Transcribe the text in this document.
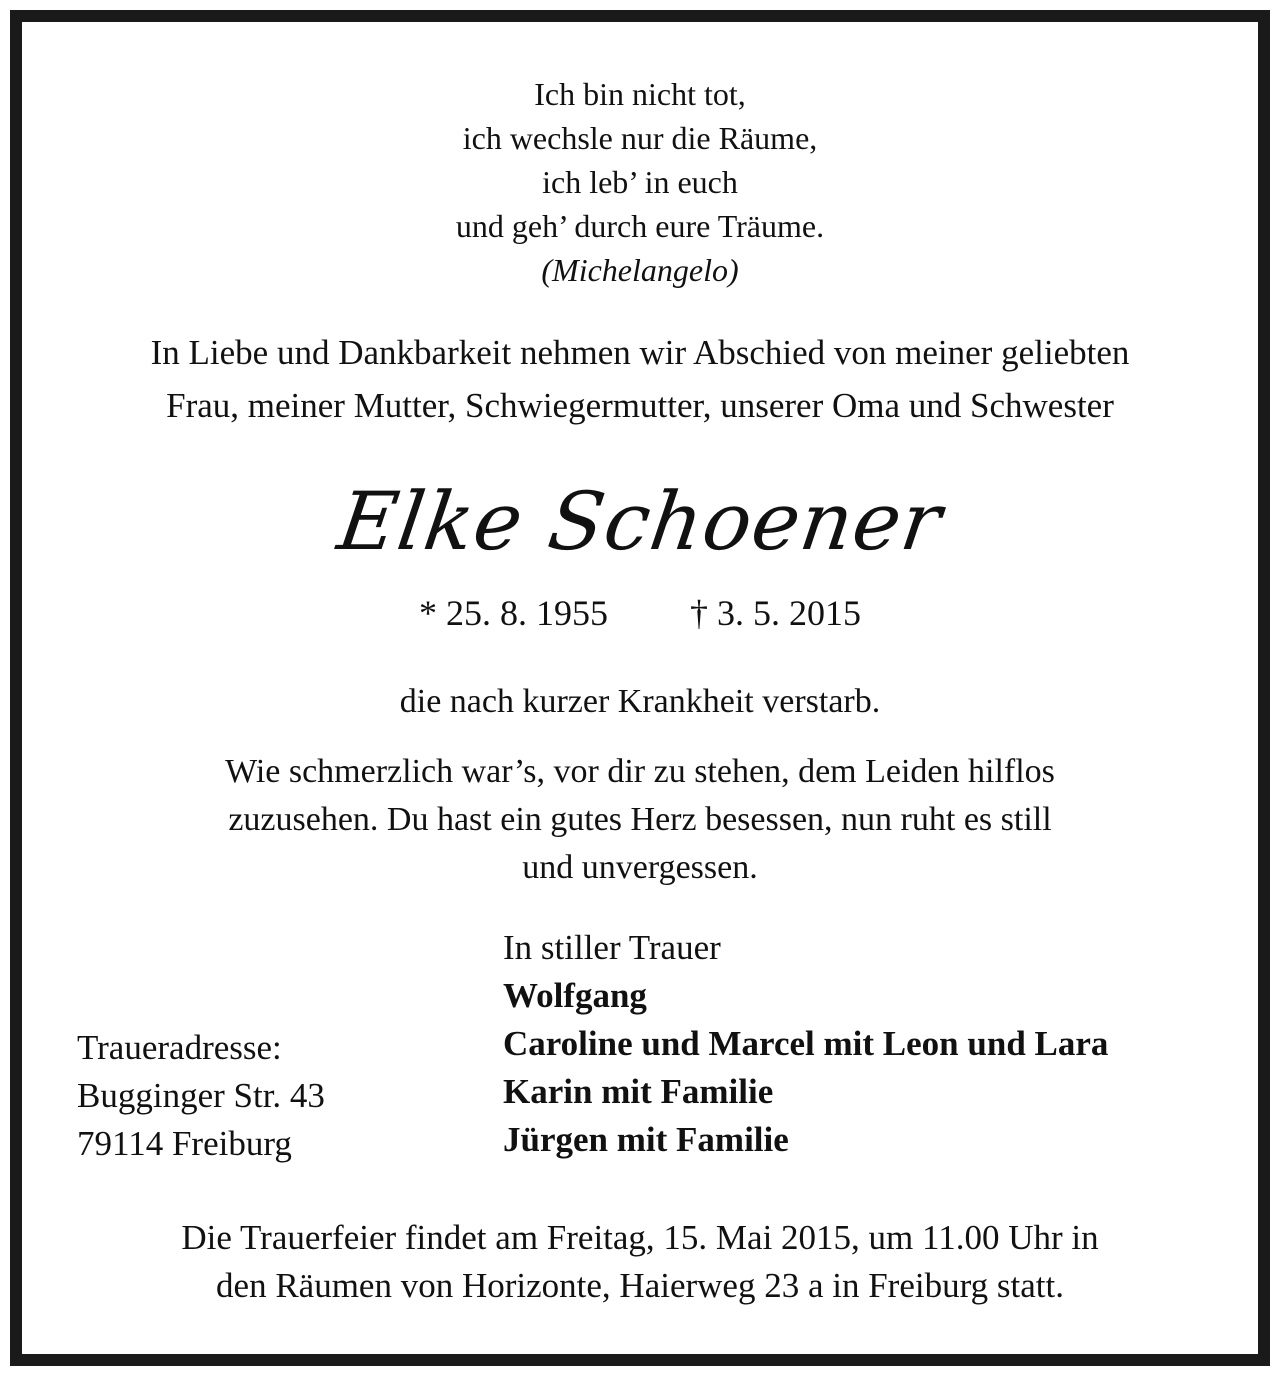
Ich bin nicht tot,
ich wechsle nur die Räume,
ich leb’ in euch
und geh’ durch eure Träume.
(Michelangelo)
In Liebe und Dankbarkeit nehmen wir Abschied von meiner geliebten
Frau, meiner Mutter, Schwiegermutter, unserer Oma und Schwester
Elke Schoener
* 25. 8. 1955 † 3. 5. 2015
die nach kurzer Krankheit verstarb.
Wie schmerzlich war’s, vor dir zu stehen, dem Leiden hilflos
zuzusehen. Du hast ein gutes Herz besessen, nun ruht es still
und unvergessen.
In stiller Trauer
Wolfgang
Caroline und Marcel mit Leon und Lara
Karin mit Familie
Jürgen mit Familie
Traueradresse:
Bugginger Str. 43
79114 Freiburg
Die Trauerfeier findet am Freitag, 15. Mai 2015, um 11.00 Uhr in
den Räumen von Horizonte, Haierweg 23 a in Freiburg statt.
